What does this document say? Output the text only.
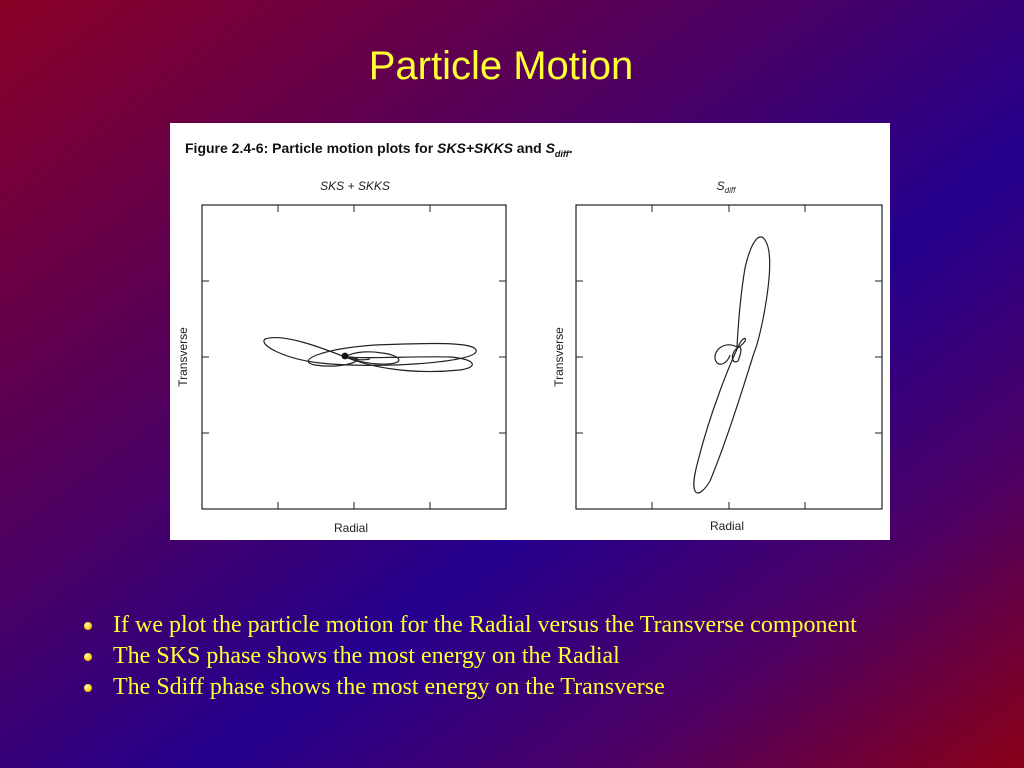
Particle Motion
Figure 2.4-6: Particle motion plots for SKS+SKKS and $S_{diff}$.
SKS + SKKS
Radial
Transverse
$S_{diff}$
Radial
Transverse
If we plot the particle motion for the Radial versus the Transverse component
The SKS phase shows the most energy on the Radial
The Sdiff phase shows the most energy on the Transverse
